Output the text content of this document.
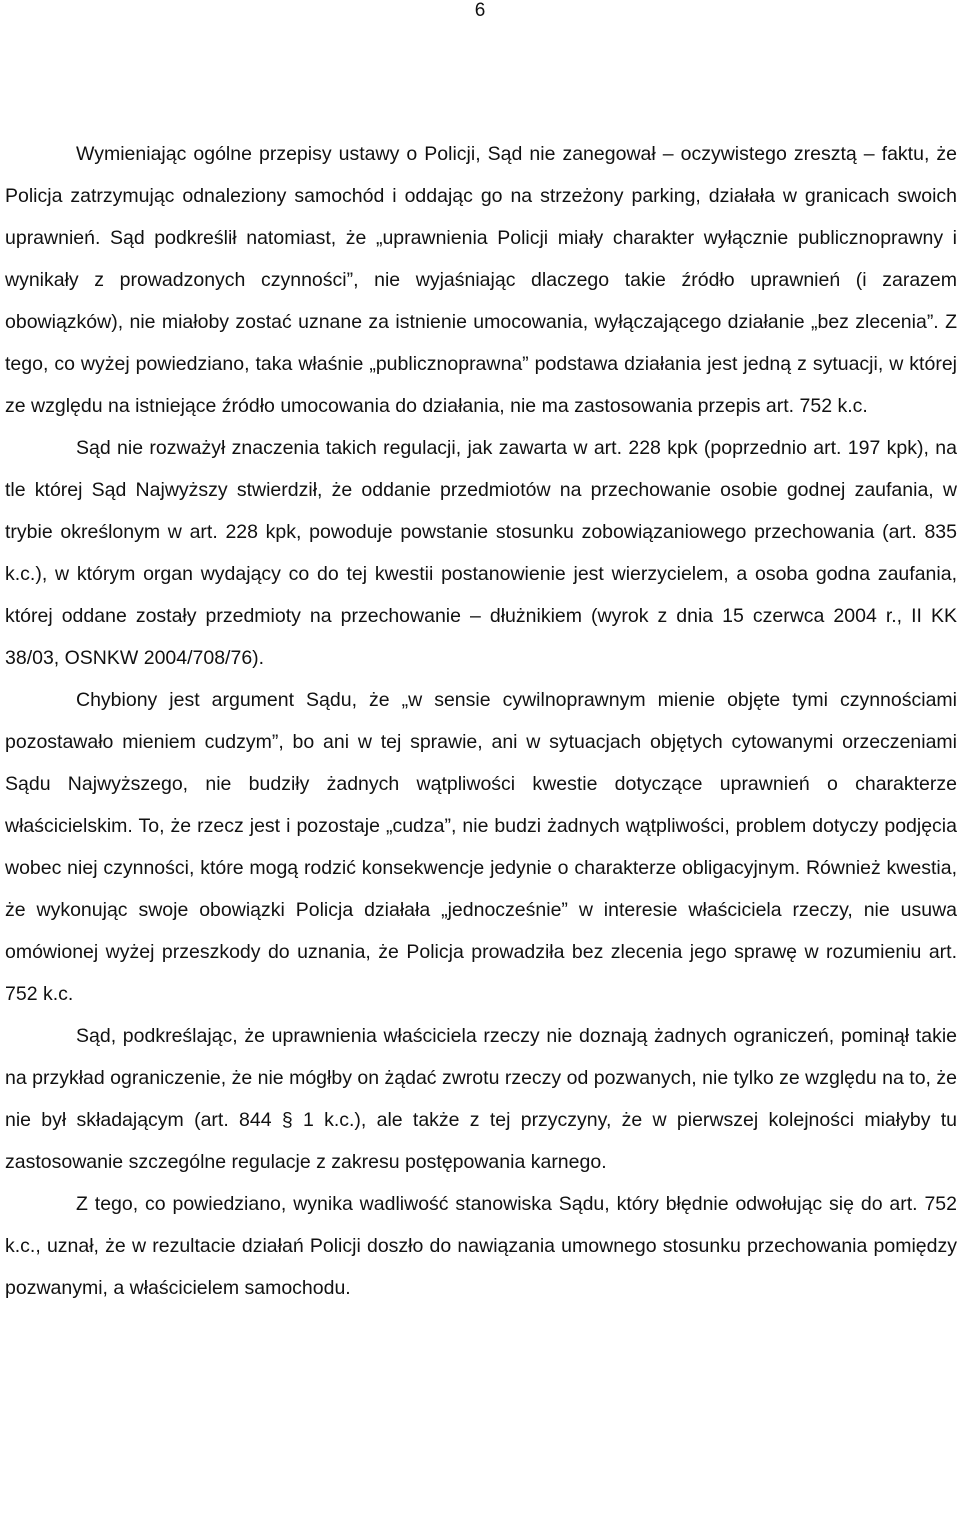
6

Wymieniając ogólne przepisy ustawy o Policji, Sąd nie zanegował – oczywistego zresztą – faktu, że Policja zatrzymując odnaleziony samochód i oddając go na strzeżony parking, działała w granicach swoich uprawnień. Sąd podkreślił natomiast, że „uprawnienia Policji miały charakter wyłącznie publicznoprawny i wynikały z prowadzonych czynności”, nie wyjaśniając dlaczego takie źródło uprawnień (i zarazem obowiązków), nie miałoby zostać uznane za istnienie umocowania, wyłączającego działanie „bez zlecenia”. Z tego, co wyżej powiedziano, taka właśnie „publicznoprawna” podstawa działania jest jedną z sytuacji, w której ze względu na istniejące źródło umocowania do działania, nie ma zastosowania przepis art. 752 k.c.

Sąd nie rozważył znaczenia takich regulacji, jak zawarta w art. 228 kpk (poprzednio art. 197 kpk), na tle której Sąd Najwyższy stwierdził, że oddanie przedmiotów na przechowanie osobie godnej zaufania, w trybie określonym w art. 228 kpk, powoduje powstanie stosunku zobowiązaniowego przechowania (art. 835 k.c.), w którym organ wydający co do tej kwestii postanowienie jest wierzycielem, a osoba godna zaufania, której oddane zostały przedmioty na przechowanie – dłużnikiem (wyrok z dnia 15 czerwca 2004 r., II KK 38/03, OSNKW 2004/708/76).

Chybiony jest argument Sądu, że „w sensie cywilnoprawnym mienie objęte tymi czynnościami pozostawało mieniem cudzym”, bo ani w tej sprawie, ani w sytuacjach objętych cytowanymi orzeczeniami Sądu Najwyższego, nie budziły żadnych wątpliwości kwestie dotyczące uprawnień o charakterze właścicielskim. To, że rzecz jest i pozostaje „cudza”, nie budzi żadnych wątpliwości, problem dotyczy podjęcia wobec niej czynności, które mogą rodzić konsekwencje jedynie o charakterze obligacyjnym. Również kwestia, że wykonując swoje obowiązki Policja działała „jednocześnie” w interesie właściciela rzeczy, nie usuwa omówionej wyżej przeszkody do uznania, że Policja prowadziła bez zlecenia jego sprawę w rozumieniu art. 752 k.c.

Sąd, podkreślając, że uprawnienia właściciela rzeczy nie doznają żadnych ograniczeń, pominął takie na przykład ograniczenie, że nie mógłby on żądać zwrotu rzeczy od pozwanych, nie tylko ze względu na to, że nie był składającym (art. 844 § 1 k.c.), ale także z tej przyczyny, że w pierwszej kolejności miałyby tu zastosowanie szczególne regulacje z zakresu postępowania karnego.

Z tego, co powiedziano, wynika wadliwość stanowiska Sądu, który błędnie odwołując się do art. 752 k.c., uznał, że w rezultacie działań Policji doszło do nawiązania umownego stosunku przechowania pomiędzy pozwanymi, a właścicielem samochodu.
